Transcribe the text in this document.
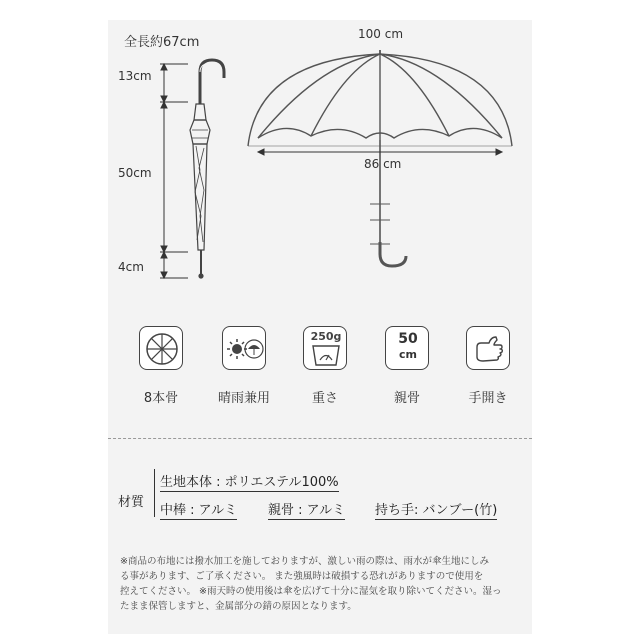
全長約67cm
13cm
50cm
4cm
100 cm
86 cm
250g	50
cm
8本骨	晴雨兼用	重さ	親骨	手開き
材質
生地本体 : ポリエステル100%
中棒 : アルミ 親骨 : アルミ 持ち手: バンブー(竹)
※商品の布地には撥水加工を施しておりますが、激しい雨の際は、雨水が傘生地にしみ
る事があります、ご了承ください。 また強風時は破損する恐れがありますので使用を
控えてください。 ※雨天時の使用後は傘を広げて十分に湿気を取り除いてください。湿っ
たまま保管しますと、金属部分の錆の原因となります。
